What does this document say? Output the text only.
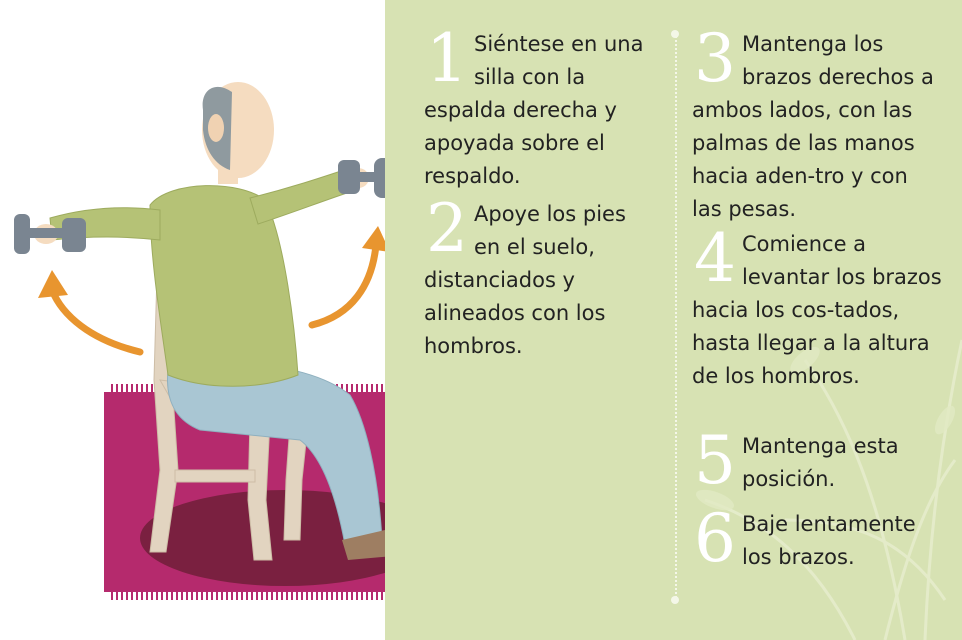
1 Siéntese en una silla con la espalda derecha y apoyada sobre el respaldo.
2 Apoye los pies en el suelo, distanciados y alineados con los hombros.
3 Mantenga los brazos derechos a ambos lados, con las palmas de las manos hacia aden-tro y con las pesas.
4 Comience a levantar los brazos hacia los cos-tados, hasta llegar a la altura de los hombros.
5 Mantenga esta posición.
6 Baje lentamente los brazos.
